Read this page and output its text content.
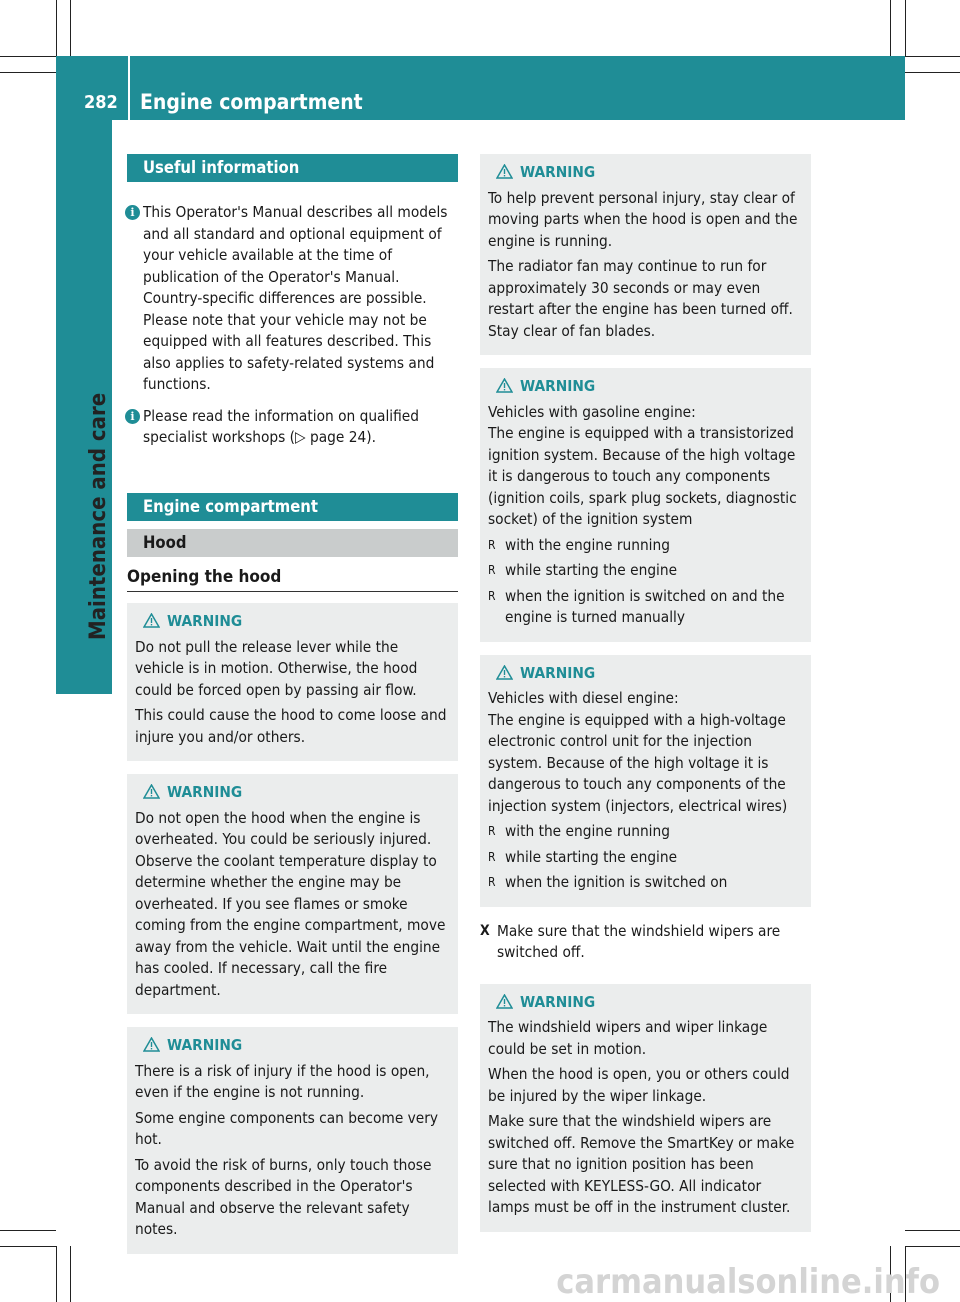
282 Engine compartment
Maintenance and care
Useful information
i This Operator's Manual describes all models and all standard and optional equipment of your vehicle available at the time of publication of the Operator's Manual. Country-specific differences are possible. Please note that your vehicle may not be equipped with all features described. This also applies to safety-related systems and functions.

i Please read the information on qualified specialist workshops (▷ page 24).

Engine compartment
Hood
Opening the hood
WARNING

Do not pull the release lever while the vehicle is in motion. Otherwise, the hood could be forced open by passing air flow.

This could cause the hood to come loose and injure you and/or others.

WARNING

Do not open the hood when the engine is overheated. You could be seriously injured. Observe the coolant temperature display to determine whether the engine may be overheated. If you see flames or smoke coming from the engine compartment, move away from the vehicle. Wait until the engine has cooled. If necessary, call the fire department.

WARNING

There is a risk of injury if the hood is open, even if the engine is not running.

Some engine components can become very hot.

To avoid the risk of burns, only touch those components described in the Operator's Manual and observe the relevant safety notes.

WARNING

To help prevent personal injury, stay clear of moving parts when the hood is open and the engine is running.

The radiator fan may continue to run for approximately 30 seconds or may even restart after the engine has been turned off. Stay clear of fan blades.

WARNING

Vehicles with gasoline engine:
The engine is equipped with a transistorized ignition system. Because of the high voltage it is dangerous to touch any components (ignition coils, spark plug sockets, diagnostic socket) of the ignition system

R with the engine running
R while starting the engine
R when the ignition is switched on and the engine is turned manually
WARNING

Vehicles with diesel engine:
The engine is equipped with a high-voltage electronic control unit for the injection system. Because of the high voltage it is dangerous to touch any components of the injection system (injectors, electrical wires)

R with the engine running
R while starting the engine
R when the ignition is switched on
X Make sure that the windshield wipers are switched off.
WARNING

The windshield wipers and wiper linkage could be set in motion.

When the hood is open, you or others could be injured by the wiper linkage.

Make sure that the windshield wipers are switched off. Remove the SmartKey or make sure that no ignition position has been selected with KEYLESS-GO. All indicator lamps must be off in the instrument cluster.

carmanualsonline.info
